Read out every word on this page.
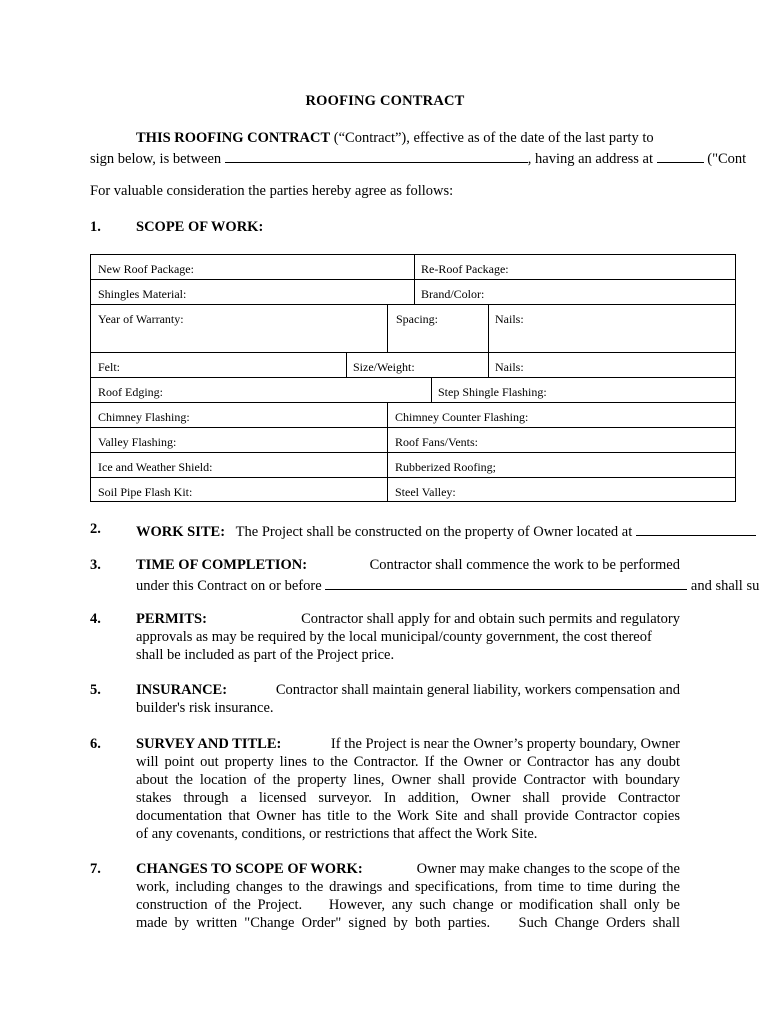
ROOFING CONTRACT
THIS ROOFING CONTRACT (“Contract”), effective as of the date of the last party to
sign below, is between	, having an address at	("Cont
For valuable consideration the parties hereby agree as follows:
1. SCOPE OF WORK:
New Roof Package:	Re-Roof Package:
Shingles Material:	Brand/Color:
Year of Warranty:	Spacing:	Nails:
Felt:	Size/Weight:	Nails:
Roof Edging:	Step Shingle Flashing:
Chimney Flashing:	Chimney Counter Flashing:
Valley Flashing:	Roof Fans/Vents:
Ice and Weather Shield:	Rubberized Roofing;
Soil Pipe Flash Kit:	Steel Valley:
2. WORK SITE: The Project shall be constructed on the property of Owner located at
3. TIME OF COMPLETION:	Contractor shall commence the work to be performed
under this Contract on or before	and shall su
4. PERMITS:	Contractor shall apply for and obtain such permits and regulatory
approvals as may be required by the local municipal/county government, the cost thereof
shall be included as part of the Project price.
5. INSURANCE:	Contractor shall maintain general liability, workers compensation and
builder's risk insurance.
6. SURVEY AND TITLE:	If the Project is near the Owner’s property boundary, Owner
will point out property lines to the Contractor. If the Owner or Contractor has any doubt
about the location of the property lines, Owner shall provide Contractor with boundary
stakes through a licensed surveyor. In addition, Owner shall provide Contractor
documentation that Owner has title to the Work Site and shall provide Contractor copies
of any covenants, conditions, or restrictions that affect the Work Site.
7. CHANGES TO SCOPE OF WORK:	Owner may make changes to the scope of the
work, including changes to the drawings and specifications, from time to time during the
construction of the Project.    However, any such change or modification shall only be
made by written "Change Order" signed by both parties.    Such Change Orders shall
